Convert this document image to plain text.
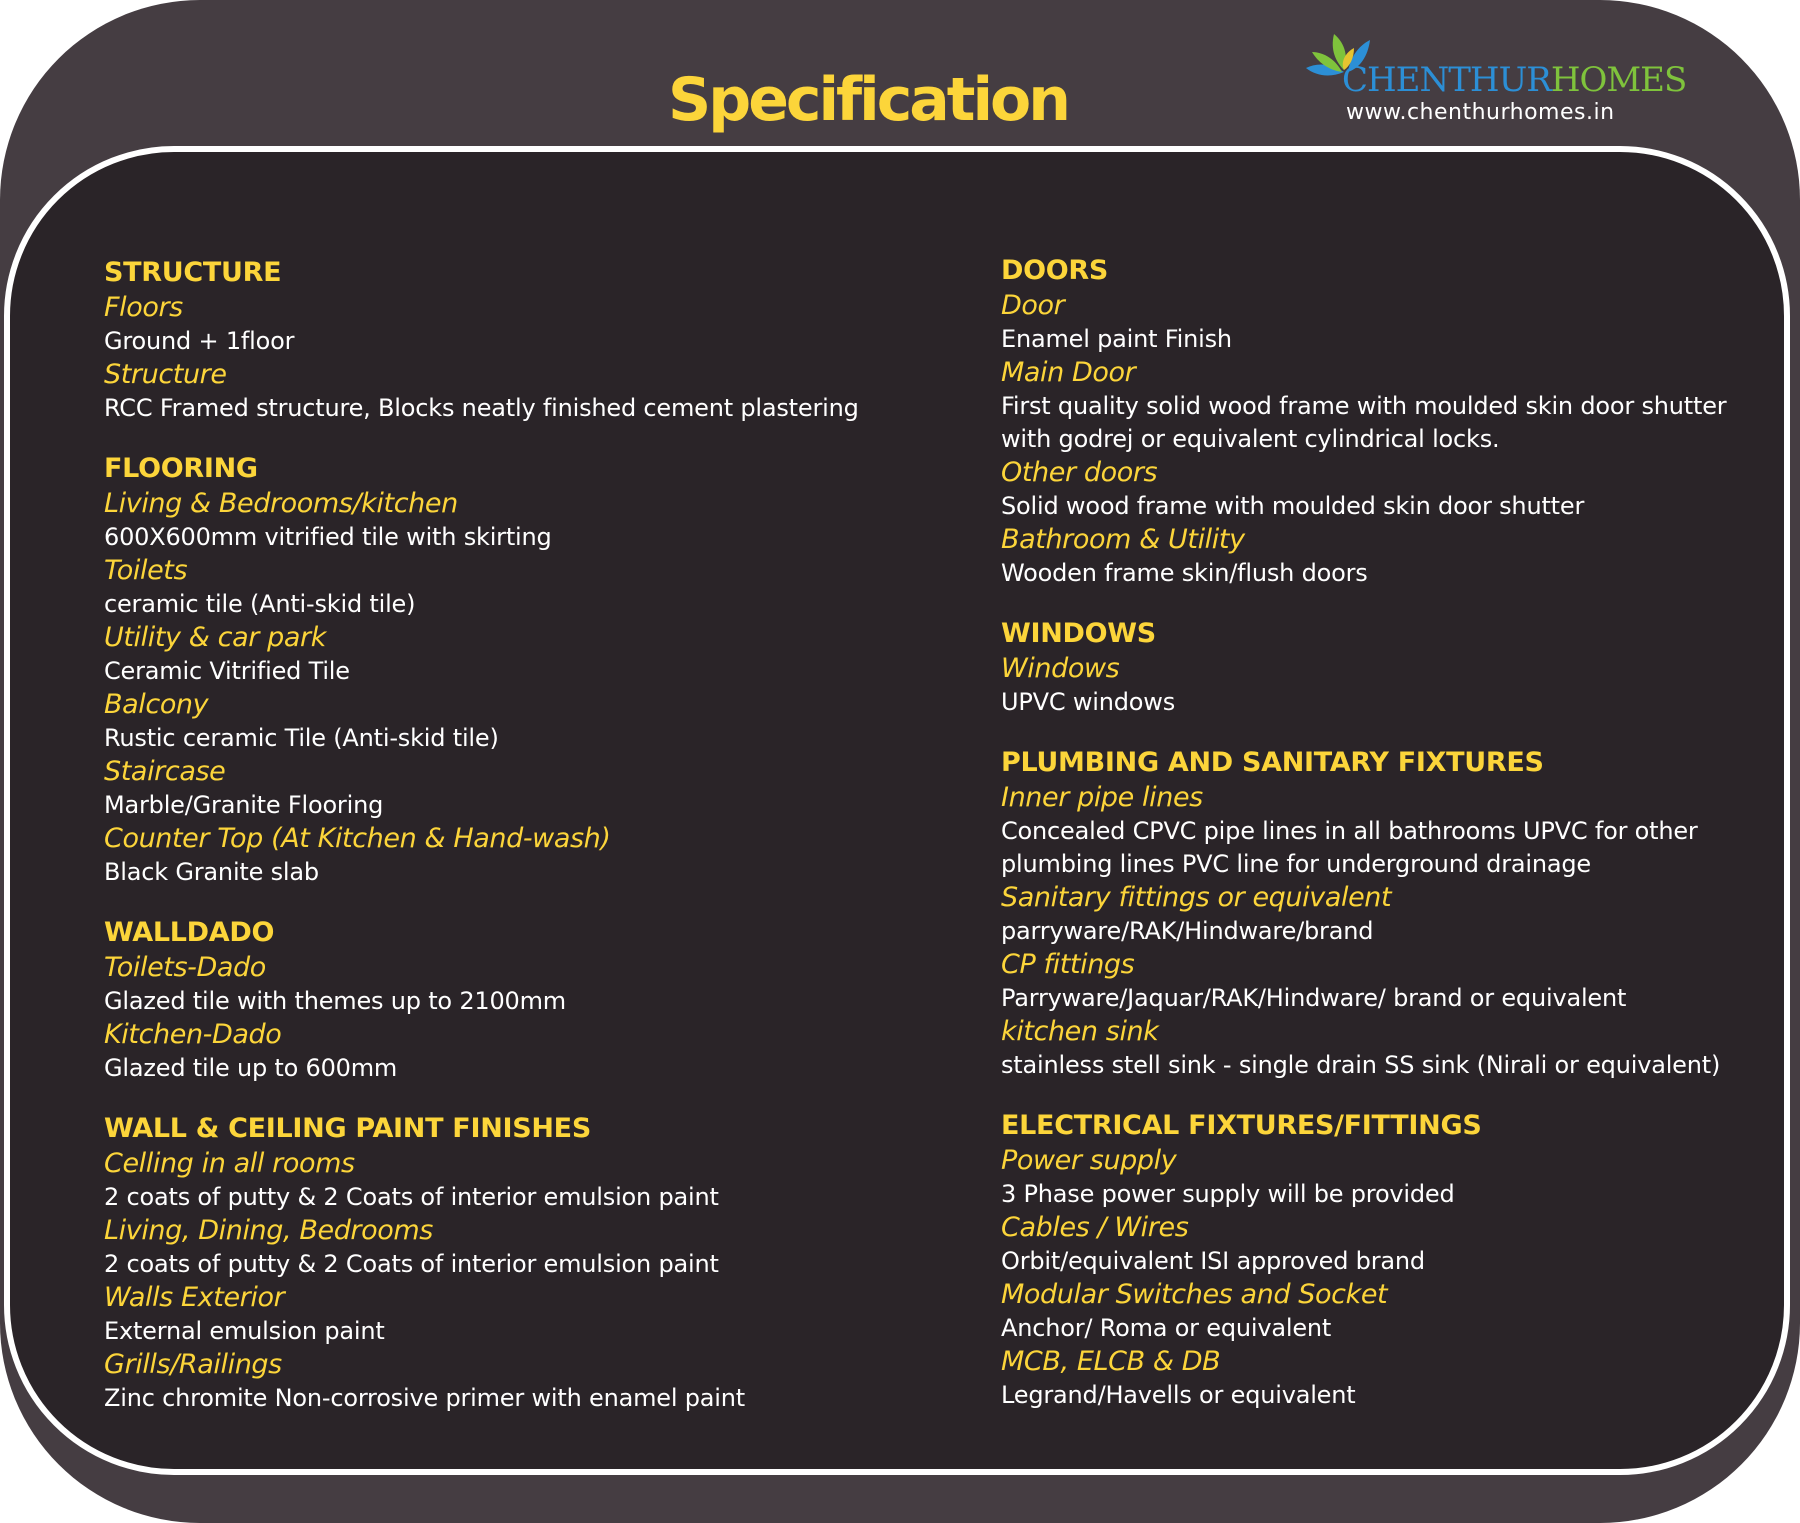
Specification	CHENTHURHOMES
www.chenthurhomes.in
STRUCTURE
Floors
Ground + 1floor
Structure
RCC Framed structure, Blocks neatly finished cement plastering
FLOORING
Living & Bedrooms/kitchen
600X600mm vitrified tile with skirting
Toilets
ceramic tile (Anti-skid tile)
Utility & car park
Ceramic Vitrified Tile
Balcony
Rustic ceramic Tile (Anti-skid tile)
Staircase
Marble/Granite Flooring
Counter Top (At Kitchen & Hand-wash)
Black Granite slab
WALLDADO
Toilets-Dado
Glazed tile with themes up to 2100mm
Kitchen-Dado
Glazed tile up to 600mm
WALL & CEILING PAINT FINISHES
Celling in all rooms
2 coats of putty & 2 Coats of interior emulsion paint
Living, Dining, Bedrooms
2 coats of putty & 2 Coats of interior emulsion paint
Walls Exterior
External emulsion paint
Grills/Railings
Zinc chromite Non-corrosive primer with enamel paint
DOORS
Door
Enamel paint Finish
Main Door
First quality solid wood frame with moulded skin door shutter with godrej or equivalent cylindrical locks.
Other doors
Solid wood frame with moulded skin door shutter
Bathroom & Utility
Wooden frame skin/flush doors
WINDOWS
Windows
UPVC windows
PLUMBING AND SANITARY FIXTURES
Inner pipe lines
Concealed CPVC pipe lines in all bathrooms UPVC for other plumbing lines PVC line for underground drainage
Sanitary fittings or equivalent
parryware/RAK/Hindware/brand
CP fittings
Parryware/Jaquar/RAK/Hindware/ brand or equivalent
kitchen sink
stainless stell sink - single drain SS sink (Nirali or equivalent)
ELECTRICAL FIXTURES/FITTINGS
Power supply
3 Phase power supply will be provided
Cables / Wires
Orbit/equivalent ISI approved brand
Modular Switches and Socket
Anchor/ Roma or equivalent
MCB, ELCB & DB
Legrand/Havells or equivalent
